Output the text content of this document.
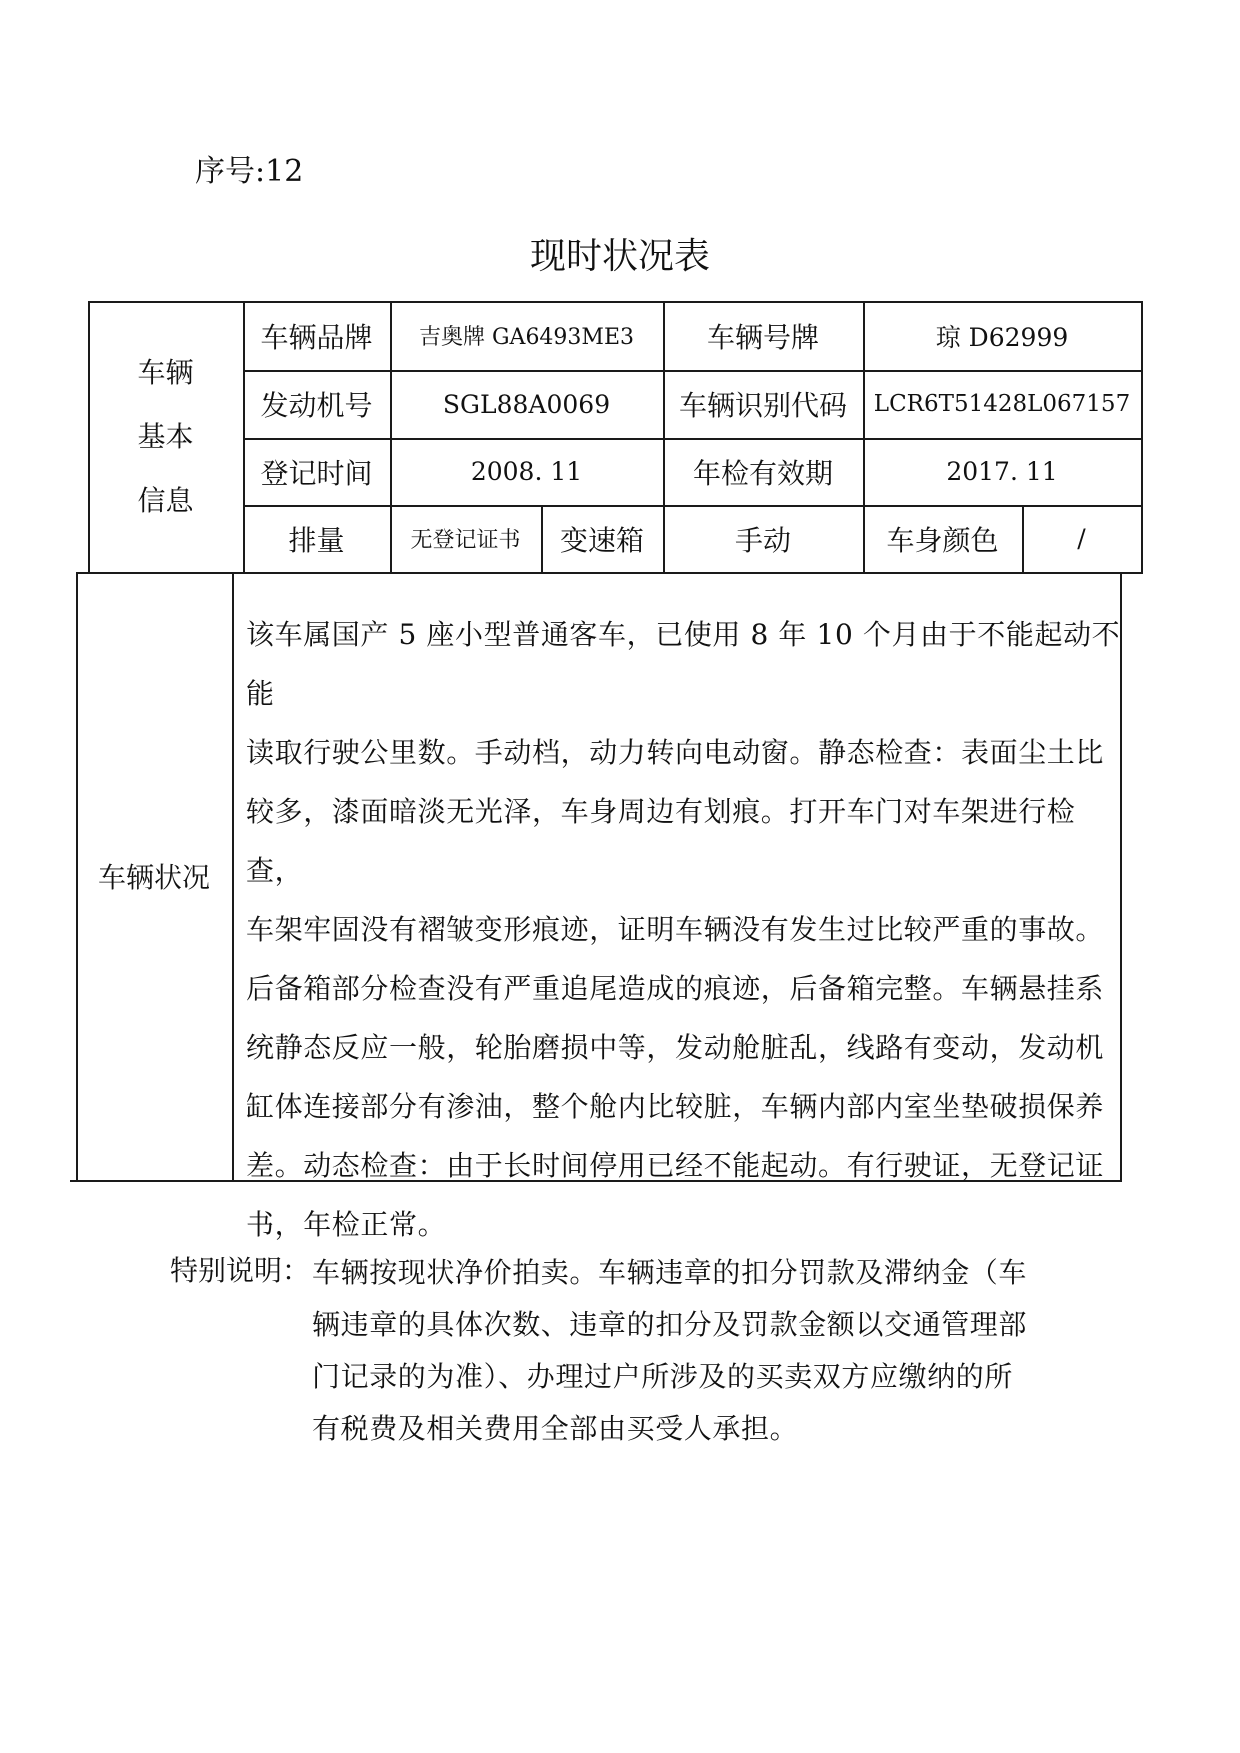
序号:12
现时状况表
车辆
基本
信息
车辆品牌	吉奥牌 GA6493ME3	车辆号牌	琼 D62999
发动机号	SGL88A0069	车辆识别代码	LCR6T51428L067157
登记时间	2008. 11	年检有效期	2017. 11
排量	无登记证书	变速箱	手动	车身颜色	/
车辆状况
该车属国产 5 座小型普通客车，已使用 8 年 10 个月由于不能起动不能
读取行驶公里数。手动档，动力转向电动窗。静态检查：表面尘土比
较多，漆面暗淡无光泽，车身周边有划痕。打开车门对车架进行检查，
车架牢固没有褶皱变形痕迹，证明车辆没有发生过比较严重的事故。
后备箱部分检查没有严重追尾造成的痕迹，后备箱完整。车辆悬挂系
统静态反应一般，轮胎磨损中等，发动舱脏乱，线路有变动，发动机
缸体连接部分有渗油，整个舱内比较脏，车辆内部内室坐垫破损保养
差。动态检查：由于长时间停用已经不能起动。有行驶证，无登记证
书，年检正常。
特别说明： 车辆按现状净价拍卖。车辆违章的扣分罚款及滞纳金（车
辆违章的具体次数、违章的扣分及罚款金额以交通管理部
门记录的为准）、办理过户所涉及的买卖双方应缴纳的所
有税费及相关费用全部由买受人承担。
